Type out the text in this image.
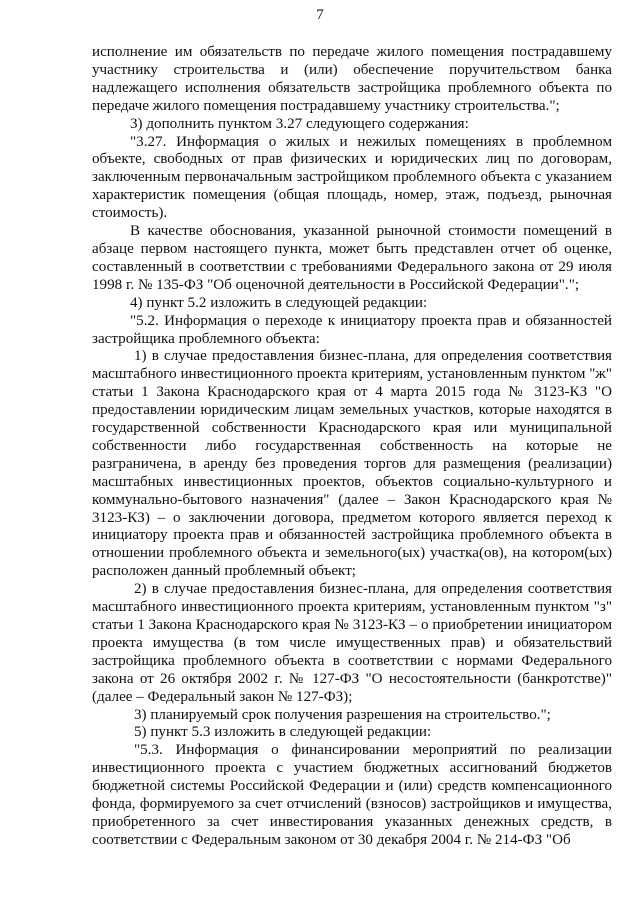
7

исполнение им обязательств по передаче жилого помещения пострадавшему участнику строительства и (или) обеспечение поручительством банка надлежащего исполнения обязательств застройщика проблемного объекта по передаче жилого помещения пострадавшему участнику строительства.";

3) дополнить пунктом 3.27 следующего содержания:

"3.27. Информация о жилых и нежилых помещениях в проблемном объекте, свободных от прав физических и юридических лиц по договорам, заключенным первоначальным застройщиком проблемного объекта с указанием характеристик помещения (общая площадь, номер, этаж, подъезд, рыночная стоимость).

В качестве обоснования, указанной рыночной стоимости помещений в абзаце первом настоящего пункта, может быть представлен отчет об оценке, составленный в соответствии с требованиями Федерального закона от 29 июля 1998 г. № 135-ФЗ "Об оценочной деятельности в Российской Федерации".";

4) пункт 5.2 изложить в следующей редакции:

"5.2. Информация о переходе к инициатору проекта прав и обязанностей застройщика проблемного объекта:

1) в случае предоставления бизнес-плана, для определения соответствия масштабного инвестиционного проекта критериям, установленным пунктом "ж" статьи 1 Закона Краснодарского края от 4 марта 2015 года № 3123-КЗ "О предоставлении юридическим лицам земельных участков, которые находятся в государственной собственности Краснодарского края или муниципальной собственности либо государственная собственность на которые не разграничена, в аренду без проведения торгов для размещения (реализации) масштабных инвестиционных проектов, объектов социально-культурного и коммунально-бытового назначения" (далее – Закон Краснодарского края № 3123-КЗ) – о заключении договора, предметом которого является переход к инициатору проекта прав и обязанностей застройщика проблемного объекта в отношении проблемного объекта и земельного(ых) участка(ов), на котором(ых) расположен данный проблемный объект;

2) в случае предоставления бизнес-плана, для определения соответствия масштабного инвестиционного проекта критериям, установленным пунктом "з" статьи 1 Закона Краснодарского края № 3123-КЗ – о приобретении инициатором проекта имущества (в том числе имущественных прав) и обязательствий застройщика проблемного объекта в соответствии с нормами Федерального закона от 26 октября 2002 г. № 127-ФЗ "О несостоятельности (банкротстве)" (далее – Федеральный закон № 127-ФЗ);

3) планируемый срок получения разрешения на строительство.";

5) пункт 5.3 изложить в следующей редакции:

"5.3. Информация о финансировании мероприятий по реализации инвестиционного проекта с участием бюджетных ассигнований бюджетов бюджетной системы Российской Федерации и (или) средств компенсационного фонда, формируемого за счет отчислений (взносов) застройщиков и имущества, приобретенного за счет инвестирования указанных денежных средств, в соответствии с Федеральным законом от 30 декабря 2004 г. № 214-ФЗ "Об
